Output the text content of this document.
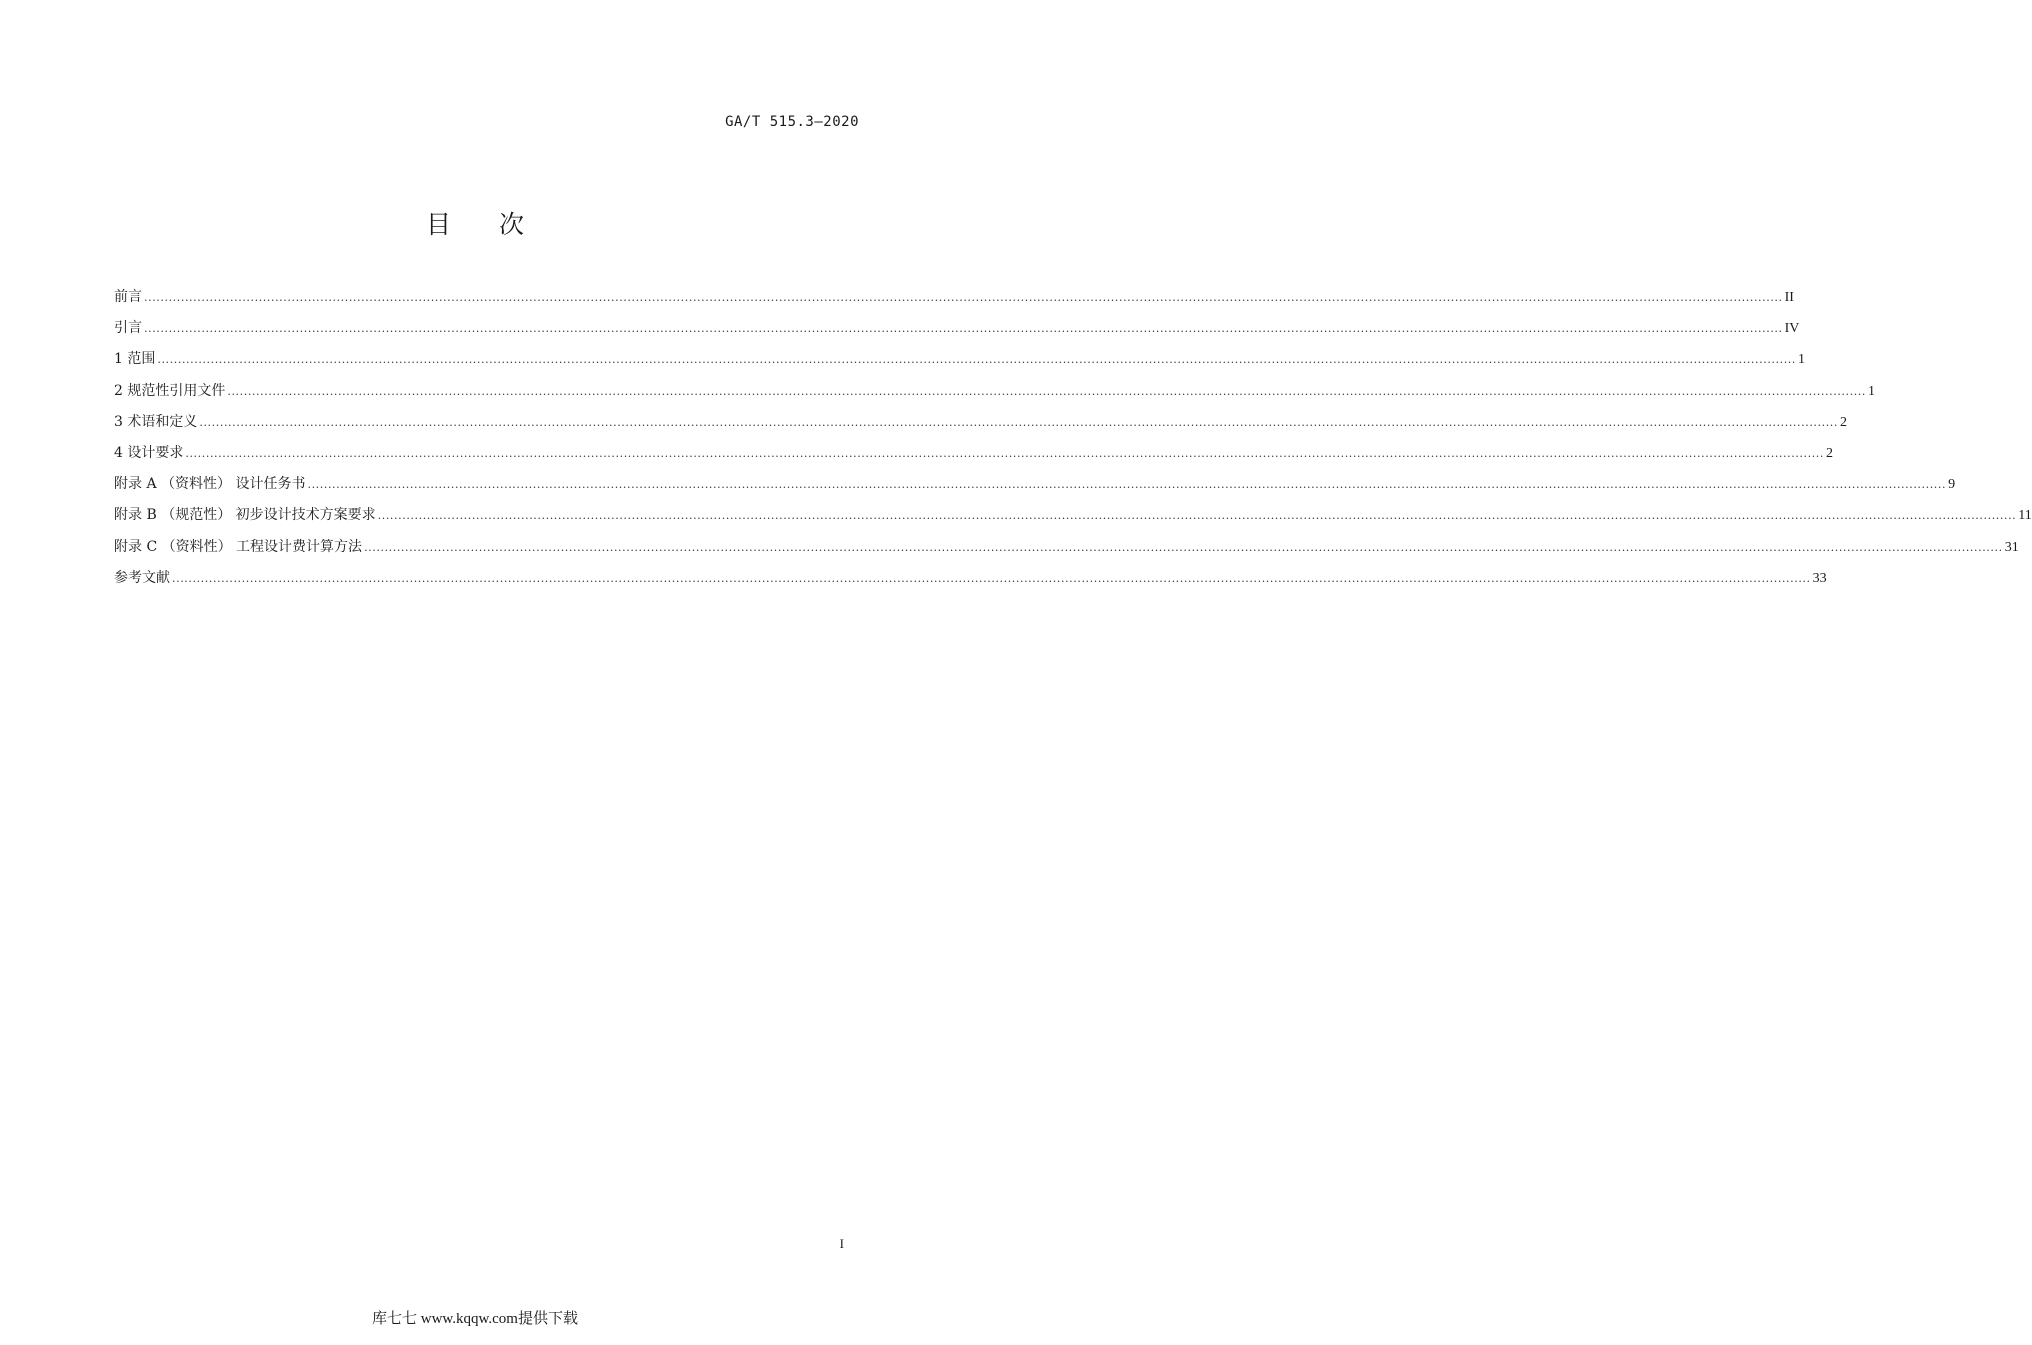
GA/T 515.3—2020
目次
前言 ................................................................................................................................................................................................................................................................................................................................................................................................................ II
引言 ................................................................................................................................................................................................................................................................................................................................................................................................................ IV
1 范围 ................................................................................................................................................................................................................................................................................................................................................................................................................ 1
2 规范性引用文件 ................................................................................................................................................................................................................................................................................................................................................................................................................ 1
3 术语和定义 ................................................................................................................................................................................................................................................................................................................................................................................................................ 2
4 设计要求 ................................................................................................................................................................................................................................................................................................................................................................................................................ 2
附录 A （资料性） 设计任务书 ................................................................................................................................................................................................................................................................................................................................................................................................................ 9
附录 B （规范性） 初步设计技术方案要求 ................................................................................................................................................................................................................................................................................................................................................................................................................ 11
附录 C （资料性） 工程设计费计算方法 ................................................................................................................................................................................................................................................................................................................................................................................................................ 31
参考文献 ................................................................................................................................................................................................................................................................................................................................................................................................................ 33
I
库七七 www.kqqw.com提供下载
